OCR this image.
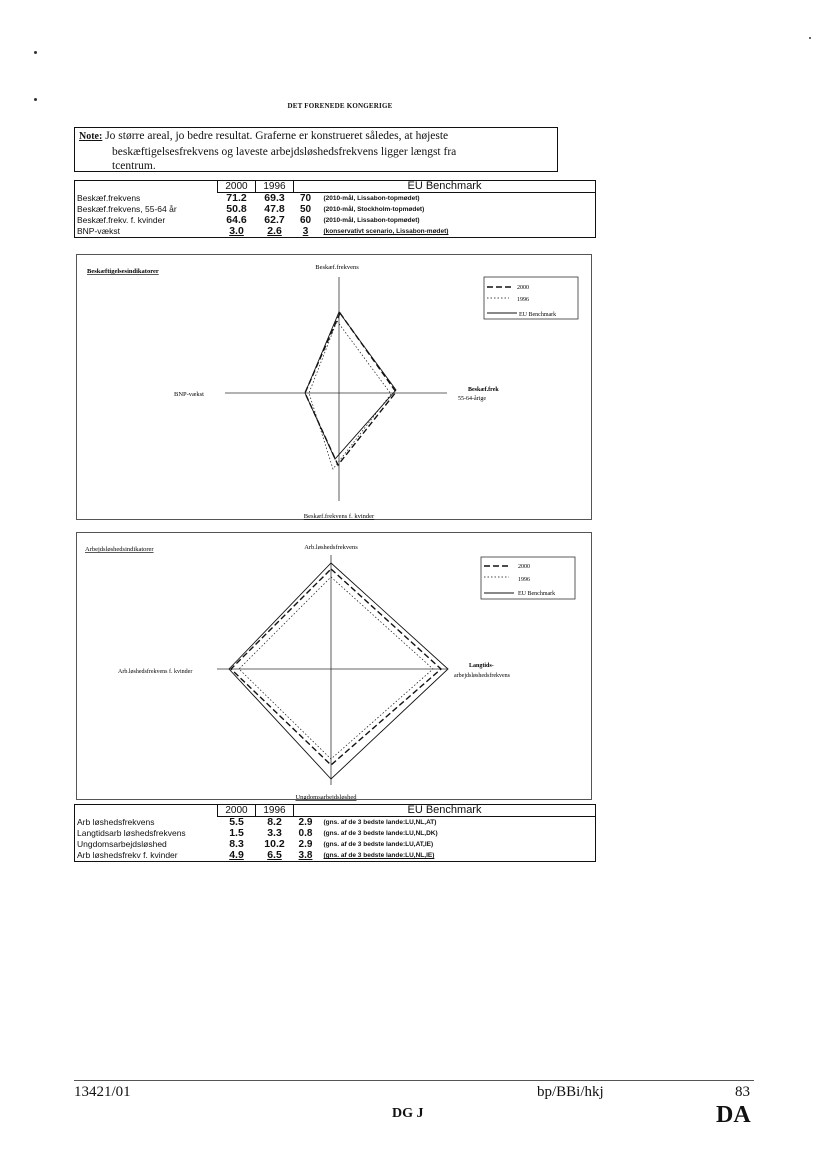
DET FORENEDE KONGERIGE

Note: Jo større areal, jo bedre resultat. Graferne er konstrueret således, at højeste

beskæftigelsesfrekvens og laveste arbejdsløshedsfrekvens ligger længst fra

tcentrum.

	2000	1996	EU Benchmark	
Beskæf.frekvens	71.2	69.3	70	(2010-mål, Lissabon-topmødet)
Beskæf.frekvens, 55-64 år	50.8	47.8	50	(2010-mål, Stockholm-topmødet)
Beskæf.frekv. f. kvinder	64.6	62.7	60	(2010-mål, Lissabon-topmødet)
BNP-vækst	3.0	2.6	3	(konservativt scenario, Lissabon-mødet)
Beskæftigelsesindikatorer
Beskæf.frekvens
Beskæf.frek
55-64-årige
Beskæf.frekvens f. kvinder
BNP-vækst
2000
1996
EU Benchmark
Arbejdsløshedsindikatorer	Arb.løshedsfrekvens
Langtids-
arbejdsløshedsfrekvens
Ungdomsarbejdsløshed
Arb.løshedsfrekvens f. kvinder
2000
1996
EU Benchmark
	2000	1996	EU Benchmark	
Arb løshedsfrekvens	5.5	8.2	2.9	(gns. af de 3 bedste lande:LU,NL,AT)
Langtidsarb løshedsfrekvens	1.5	3.3	0.8	(gns. af de 3 bedste lande:LU,NL,DK)
Ungdomsarbejdsløshed	8.3	10.2	2.9	(gns. af de 3 bedste lande:LU,AT,IE)
Arb løshedsfrekv f. kvinder	4.9	6.5	3.8	(gns. af de 3 bedste lande:LU,NL,IE)
13421/01	bp/BBi/hkj	83
DG J	DA
